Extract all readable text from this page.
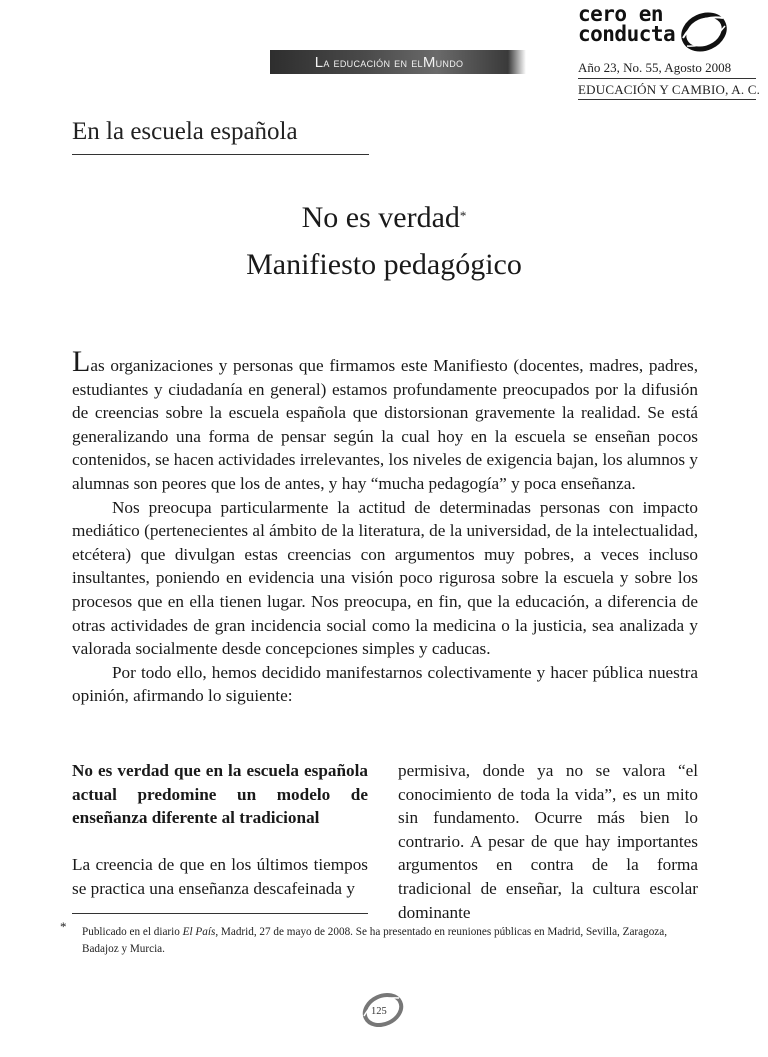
L a educación en el M undo
cero en
conducta
Año 23, No. 55, Agosto 2008
EDUCACIÓN Y CAMBIO, A. C.
En la escuela española
No es verdad*
Manifiesto pedagógico

Las organizaciones y personas que firmamos este Manifiesto (docentes, madres, padres, estudiantes y ciudadanía en general) estamos profundamente preocupados por la difusión de creencias sobre la escuela española que distorsionan gravemente la realidad. Se está generalizando una forma de pensar según la cual hoy en la escuela se enseñan pocos contenidos, se hacen actividades irrelevantes, los niveles de exigencia bajan, los alumnos y alumnas son peores que los de antes, y hay “mucha pedagogía” y poca enseñanza.

Nos preocupa particularmente la actitud de determinadas personas con impacto mediático (pertenecientes al ámbito de la literatura, de la universidad, de la intelectualidad, etcétera) que divulgan estas creencias con argumentos muy pobres, a veces incluso insultantes, poniendo en evidencia una visión poco rigurosa sobre la escuela y sobre los procesos que en ella tienen lugar. Nos preocupa, en fin, que la educación, a diferencia de otras actividades de gran incidencia social como la medicina o la justicia, sea analizada y valorada socialmente desde concepciones simples y caducas.

Por todo ello, hemos decidido manifestarnos colectivamente y hacer pública nuestra opinión, afirmando lo siguiente:

No es verdad que en la escuela española actual predomine un modelo de enseñanza diferente al tradicional

La creencia de que en los últimos tiempos se practica una enseñanza descafeinada y

permisiva, donde ya no se valora “el conocimiento de toda la vida”, es un mito sin fundamento. Ocurre más bien lo contrario. A pesar de que hay importantes argumentos en contra de la forma tradicional de enseñar, la cultura escolar dominante

*	Publicado en el diario El País, Madrid, 27 de mayo de 2008. Se ha presentado en reuniones públicas en Madrid, Sevilla, Zaragoza, Badajoz y Murcia.
125
